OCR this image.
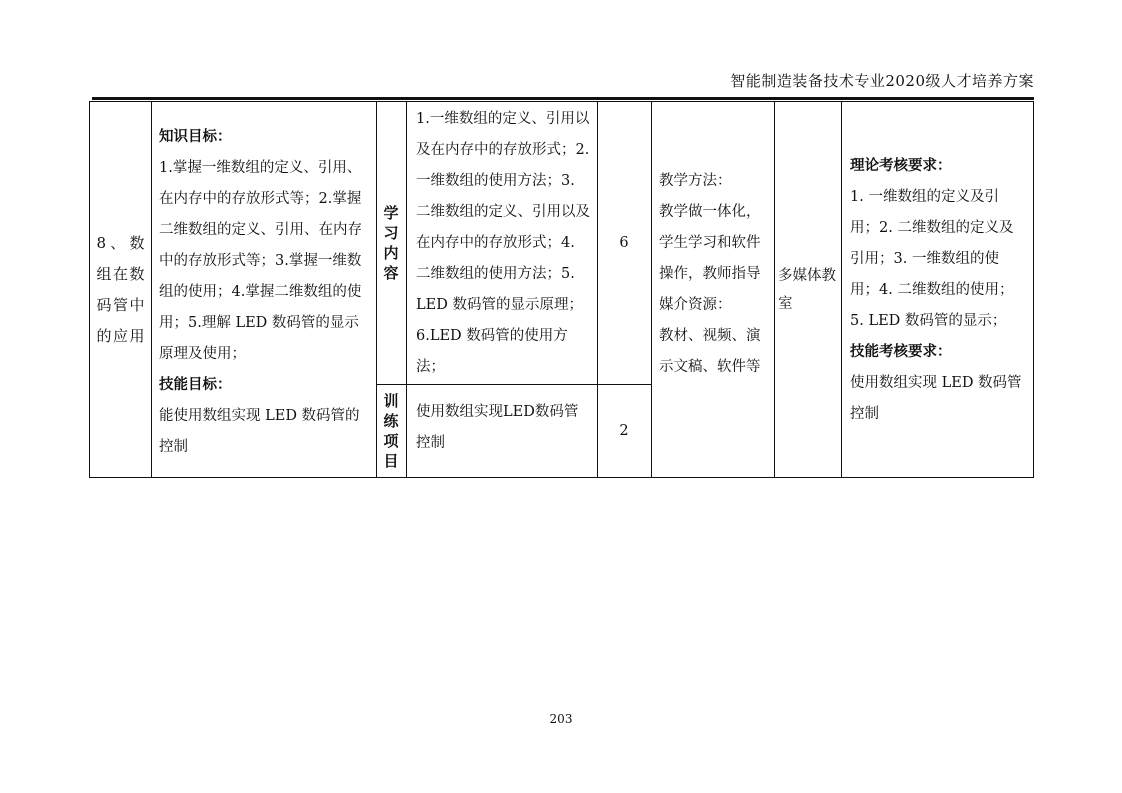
智能制造装备技术专业2020级人才培养方案
8、数组在数码管中的应用
知识目标：
1.掌握一维数组的定义、引用、在内存中的存放形式等；2.掌握二维数组的定义、引用、在内存中的存放形式等；3.掌握一维数组的使用；4.掌握二维数组的使用；5.理解 LED 数码管的显示原理及使用；
技能目标：
能使用数组实现 LED 数码管的控制
学习内容
训练项目
1.一维数组的定义、引用以及在内存中的存放形式；2. 一维数组的使用方法；3. 二维数组的定义、引用以及在内存中的存放形式；4. 二维数组的使用方法；5. LED 数码管的显示原理；6.LED 数码管的使用方法；
使用数组实现LED数码管控制
6
2
教学方法：
教学做一体化，学生学习和软件操作，教师指导
媒介资源：
教材、视频、演示文稿、软件等
多媒体教室
理论考核要求：
1. 一维数组的定义及引用；2. 二维数组的定义及引用；3. 一维数组的使用；4. 二维数组的使用；5. LED 数码管的显示；
技能考核要求：
使用数组实现 LED 数码管控制
203
